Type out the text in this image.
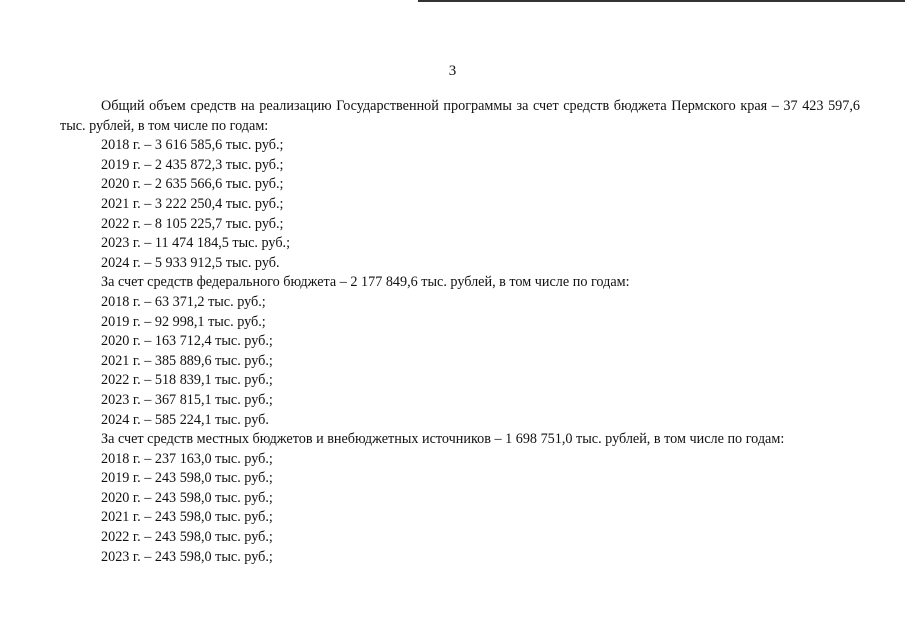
3

Общий объем средств на реализацию Государственной программы за счет средств бюджета Пермского края – 37 423 597,6 тыс. рублей, в том числе по годам:

2018 г. – 3 616 585,6 тыс. руб.;

2019 г. – 2 435 872,3 тыс. руб.;

2020 г. – 2 635 566,6 тыс. руб.;

2021 г. – 3 222 250,4 тыс. руб.;

2022 г. – 8 105 225,7 тыс. руб.;

2023 г. – 11 474 184,5 тыс. руб.;

2024 г. – 5 933 912,5 тыс. руб.

За счет средств федерального бюджета – 2 177 849,6 тыс. рублей, в том числе по годам:

2018 г. – 63 371,2 тыс. руб.;

2019 г. – 92 998,1 тыс. руб.;

2020 г. – 163 712,4 тыс. руб.;

2021 г. – 385 889,6 тыс. руб.;

2022 г. – 518 839,1 тыс. руб.;

2023 г. – 367 815,1 тыс. руб.;

2024 г. – 585 224,1 тыс. руб.

За счет средств местных бюджетов и внебюджетных источников – 1 698 751,0 тыс. рублей, в том числе по годам:

2018 г. – 237 163,0 тыс. руб.;

2019 г. – 243 598,0 тыс. руб.;

2020 г. – 243 598,0 тыс. руб.;

2021 г. – 243 598,0 тыс. руб.;

2022 г. – 243 598,0 тыс. руб.;

2023 г. – 243 598,0 тыс. руб.;
